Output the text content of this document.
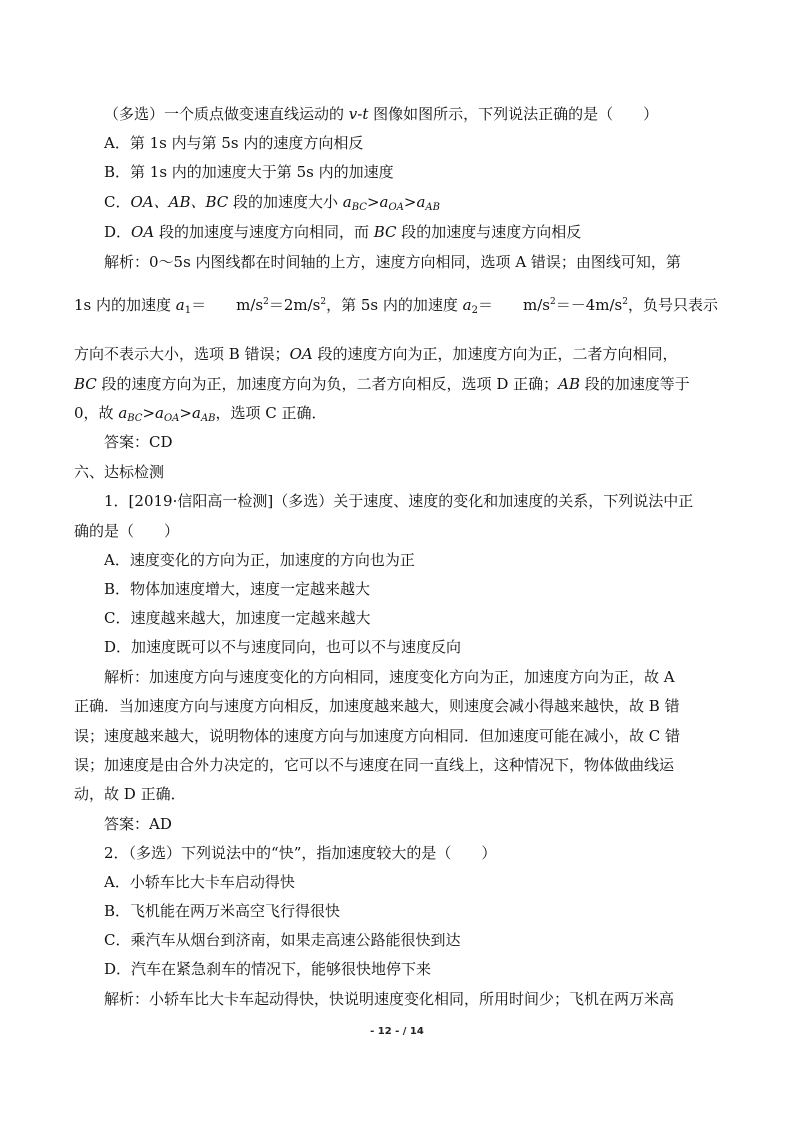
（多选）一个质点做变速直线运动的 v-t 图像如图所示，下列说法正确的是（　　）
A．第 1s 内与第 5s 内的速度方向相反
B．第 1s 内的加速度大于第 5s 内的加速度
C．OA、AB、BC 段的加速度大小 $a_{BC}>a_{OA}>a_{AB}$
D．OA 段的加速度与速度方向相同，而 BC 段的加速度与速度方向相反
解析：0～5s 内图线都在时间轴的上方，速度方向相同，选项 A 错误；由图线可知，第
1s 内的加速度 $a_1= m/s^2=2m/s^2$，第 5s 内的加速度 $a_2= m/s^2=-4m/s^2$，负号只表示
方向不表示大小，选项 B 错误；OA 段的速度方向为正，加速度方向为正，二者方向相同，
BC 段的速度方向为正，加速度方向为负，二者方向相反，选项 D 正确；AB 段的加速度等于
0，故 $a_{BC}>a_{OA}>a_{AB}$，选项 C 正确．
答案：CD
六、达标检测
1．[2019·信阳高一检测]（多选）关于速度、速度的变化和加速度的关系，下列说法中正
确的是（　　）
A．速度变化的方向为正，加速度的方向也为正
B．物体加速度增大，速度一定越来越大
C．速度越来越大，加速度一定越来越大
D．加速度既可以不与速度同向，也可以不与速度反向
解析：加速度方向与速度变化的方向相同，速度变化方向为正，加速度方向为正，故 A
正确．当加速度方向与速度方向相反，加速度越来越大，则速度会减小得越来越快，故 B 错
误；速度越来越大，说明物体的速度方向与加速度方向相同．但加速度可能在减小，故 C 错
误；加速度是由合外力决定的，它可以不与速度在同一直线上，这种情况下，物体做曲线运
动，故 D 正确．
答案：AD
2．（多选）下列说法中的“快”，指加速度较大的是（　　）
A．小轿车比大卡车启动得快
B．飞机能在两万米高空飞行得很快
C．乘汽车从烟台到济南，如果走高速公路能很快到达
D．汽车在紧急刹车的情况下，能够很快地停下来
解析：小轿车比大卡车起动得快，快说明速度变化相同，所用时间少；飞机在两万米高
- 12 - / 14
